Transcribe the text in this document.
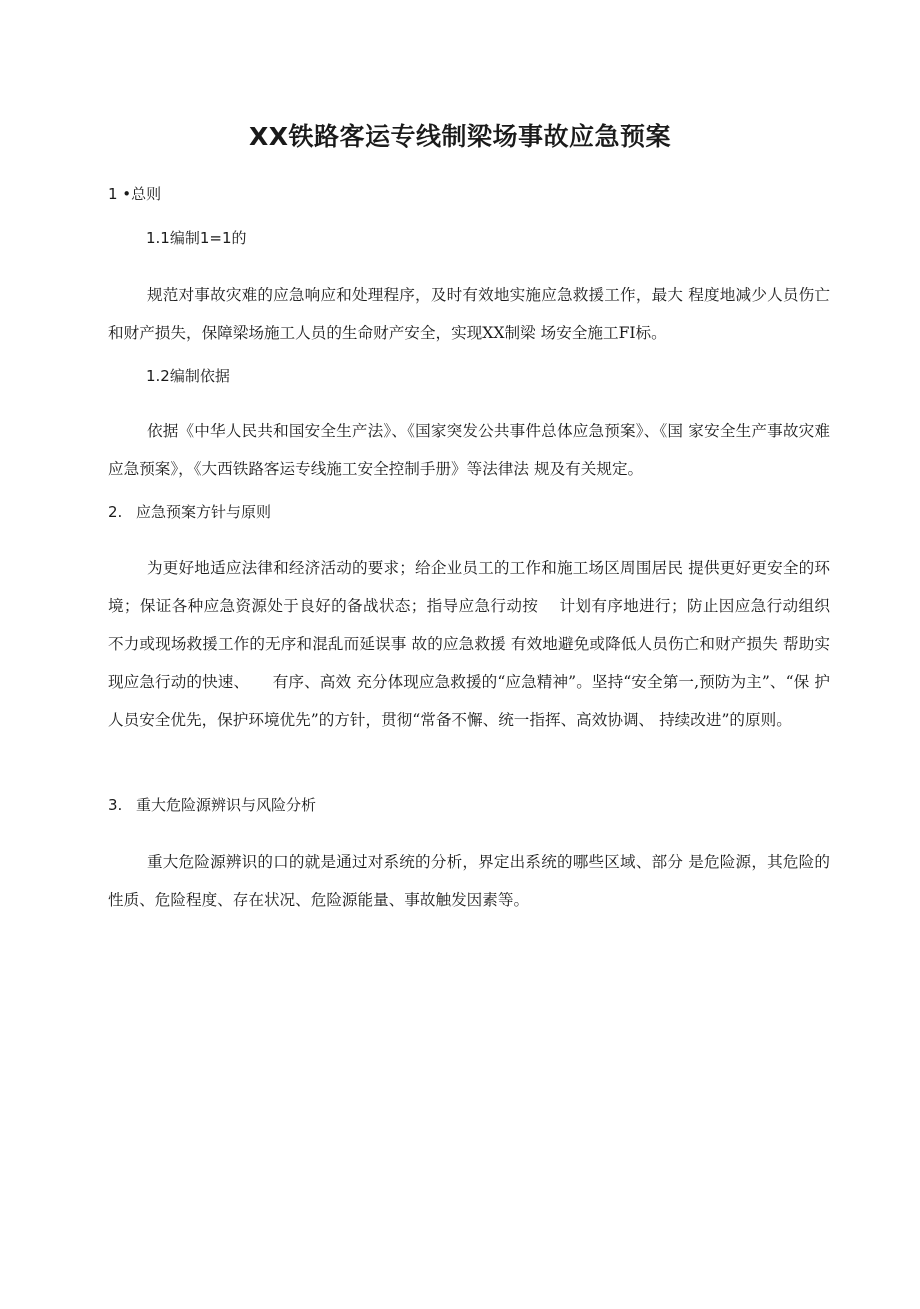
XX铁路客运专线制梁场事故应急预案

1 •总则

1.1编制1=1的

规范对事故灾难的应急响应和处理程序，及时有效地实施应急救援工作，最大 程度地减少人员伤亡和财产损失，保障梁场施工人员的生命财产安全，实现XX制梁 场安全施工FI标。

1.2编制依据

依据《中华人民共和国安全生产法》、《国家突发公共事件总体应急预案》、《国 家安全生产事故灾难应急预案》，《大西铁路客运专线施工安全控制手册》等法律法 规及有关规定。

2. 应急预案方针与原则

为更好地适应法律和经济活动的要求；给企业员工的工作和施工场区周围居民 提供更好更安全的环境；保证各种应急资源处于良好的备战状态；指导应急行动按　 计划有序地进行；防止因应急行动组织不力或现场救援工作的无序和混乱而延误事 故的应急救援 有效地避免或降低人员伤亡和财产损失 帮助实现应急行动的快速、　　有序、高效 充分体现应急救援的“应急精神”。坚持“安全第一,预防为主”、“保 护人员安全优先，保护环境优先”的方针，贯彻“常备不懈、统一指挥、高效协调、 持续改进”的原则。

3. 重大危险源辨识与风险分析

重大危险源辨识的口的就是通过对系统的分析，界定出系统的哪些区域、部分 是危险源，其危险的性质、危险程度、存在状况、危险源能量、事故触发因素等。
